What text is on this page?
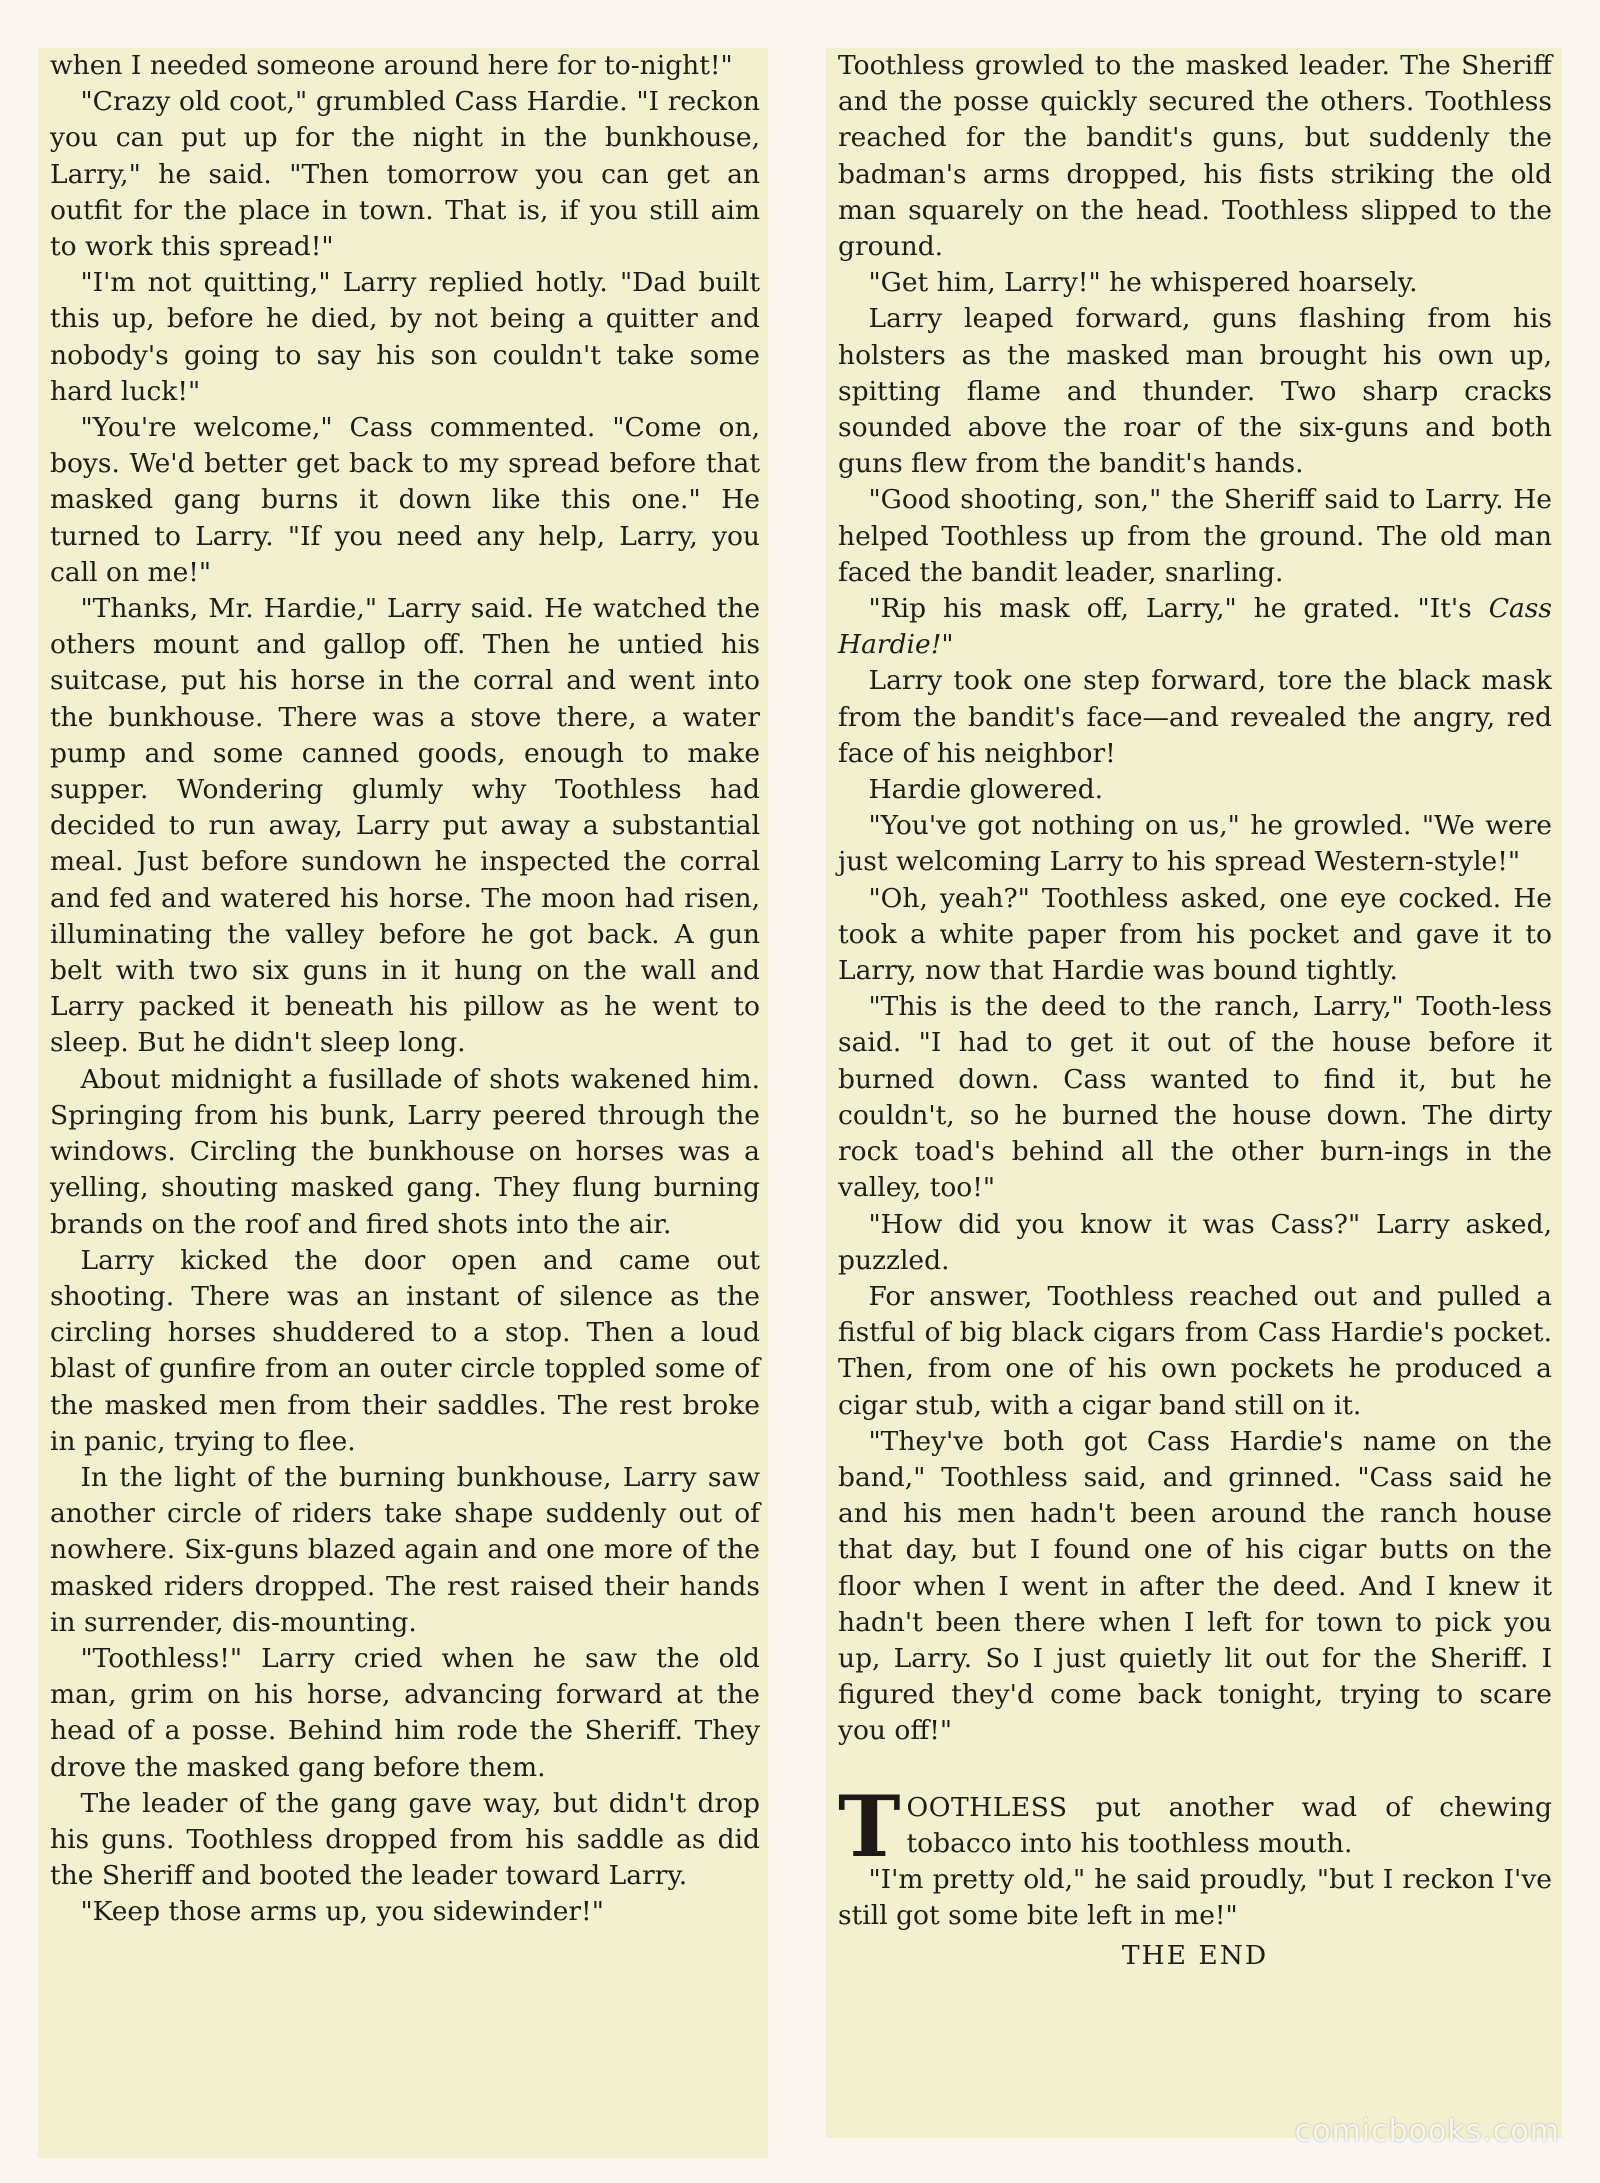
when I needed someone around here for to-night!"

"Crazy old coot," grumbled Cass Hardie. "I reckon you can put up for the night in the bunkhouse, Larry," he said. "Then tomorrow you can get an outfit for the place in town. That is, if you still aim to work this spread!"

"I'm not quitting," Larry replied hotly. "Dad built this up, before he died, by not being a quitter and nobody's going to say his son couldn't take some hard luck!"

"You're welcome," Cass commented. "Come on, boys. We'd better get back to my spread before that masked gang burns it down like this one." He turned to Larry. "If you need any help, Larry, you call on me!"

"Thanks, Mr. Hardie," Larry said. He watched the others mount and gallop off. Then he untied his suitcase, put his horse in the corral and went into the bunkhouse. There was a stove there, a water pump and some canned goods, enough to make supper. Wondering glumly why Toothless had decided to run away, Larry put away a substantial meal. Just before sundown he inspected the corral and fed and watered his horse. The moon had risen, illuminating the valley before he got back. A gun belt with two six guns in it hung on the wall and Larry packed it beneath his pillow as he went to sleep. But he didn't sleep long.

About midnight a fusillade of shots wakened him. Springing from his bunk, Larry peered through the windows. Circling the bunkhouse on horses was a yelling, shouting masked gang. They flung burning brands on the roof and fired shots into the air.

Larry kicked the door open and came out shooting. There was an instant of silence as the circling horses shuddered to a stop. Then a loud blast of gunfire from an outer circle toppled some of the masked men from their saddles. The rest broke in panic, trying to flee.

In the light of the burning bunkhouse, Larry saw another circle of riders take shape suddenly out of nowhere. Six-guns blazed again and one more of the masked riders dropped. The rest raised their hands in surrender, dis-mounting.

"Toothless!" Larry cried when he saw the old man, grim on his horse, advancing forward at the head of a posse. Behind him rode the Sheriff. They drove the masked gang before them.

The leader of the gang gave way, but didn't drop his guns. Toothless dropped from his saddle as did the Sheriff and booted the leader toward Larry.

"Keep those arms up, you sidewinder!"

Toothless growled to the masked leader. The Sheriff and the posse quickly secured the others. Toothless reached for the bandit's guns, but suddenly the badman's arms dropped, his fists striking the old man squarely on the head. Toothless slipped to the ground.

"Get him, Larry!" he whispered hoarsely.

Larry leaped forward, guns flashing from his holsters as the masked man brought his own up, spitting flame and thunder. Two sharp cracks sounded above the roar of the six-guns and both guns flew from the bandit's hands.

"Good shooting, son," the Sheriff said to Larry. He helped Toothless up from the ground. The old man faced the bandit leader, snarling.

"Rip his mask off, Larry," he grated. "It's Cass Hardie!"

Larry took one step forward, tore the black mask from the bandit's face—and revealed the angry, red face of his neighbor!

Hardie glowered.

"You've got nothing on us," he growled. "We were just welcoming Larry to his spread Western-style!"

"Oh, yeah?" Toothless asked, one eye cocked. He took a white paper from his pocket and gave it to Larry, now that Hardie was bound tightly.

"This is the deed to the ranch, Larry," Tooth-less said. "I had to get it out of the house before it burned down. Cass wanted to find it, but he couldn't, so he burned the house down. The dirty rock toad's behind all the other burn-ings in the valley, too!"

"How did you know it was Cass?" Larry asked, puzzled.

For answer, Toothless reached out and pulled a fistful of big black cigars from Cass Hardie's pocket. Then, from one of his own pockets he produced a cigar stub, with a cigar band still on it.

"They've both got Cass Hardie's name on the band," Toothless said, and grinned. "Cass said he and his men hadn't been around the ranch house that day, but I found one of his cigar butts on the floor when I went in after the deed. And I knew it hadn't been there when I left for town to pick you up, Larry. So I just quietly lit out for the Sheriff. I figured they'd come back tonight, trying to scare you off!"

TOOTHLESS put another wad of chewing tobacco into his toothless mouth.

"I'm pretty old," he said proudly, "but I reckon I've still got some bite left in me!"

THE END

comicbooks.com
